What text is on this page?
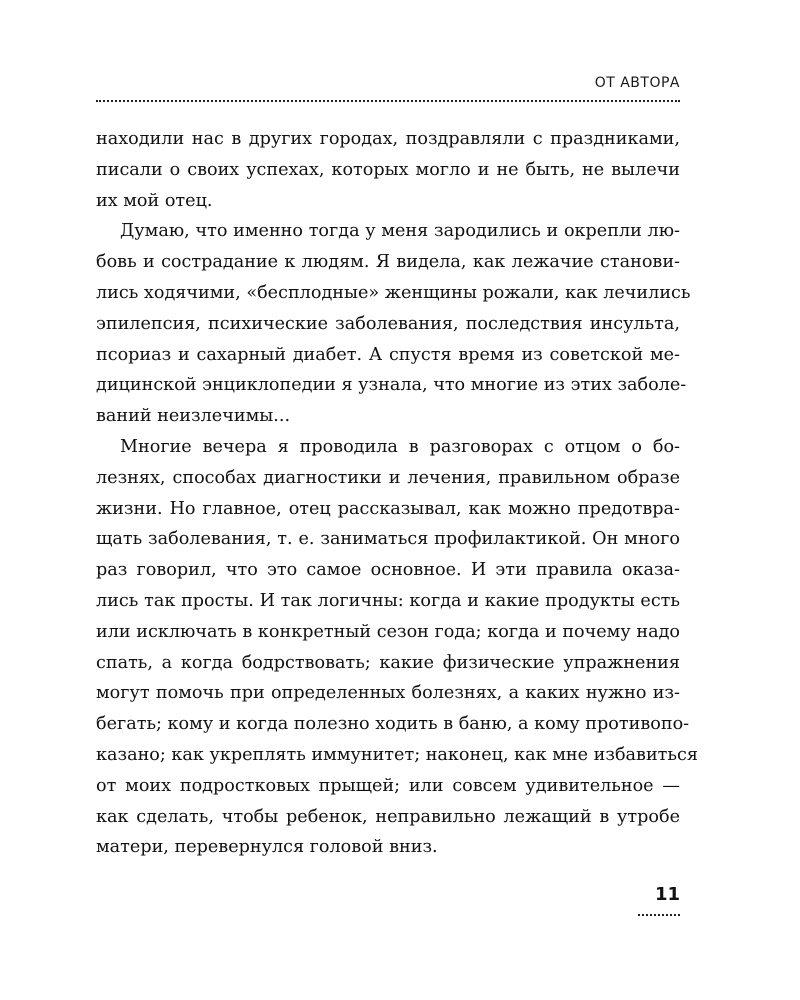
ОТ АВТОРА
находили нас в других городах, поздравляли с праздниками,
писали о своих успехах, которых могло и не быть, не вылечи
их мой отец.
Думаю, что именно тогда у меня зародились и окрепли лю-
бовь и сострадание к людям. Я видела, как лежачие станови-
лись ходячими, «бесплодные» женщины рожали, как лечились
эпилепсия, психические заболевания, последствия инсульта,
псориаз и сахарный диабет. А спустя время из советской ме-
дицинской энциклопедии я узнала, что многие из этих заболе-
ваний неизлечимы...
Многие вечера я проводила в разговорах с отцом о бо-
лезнях, способах диагностики и лечения, правильном образе
жизни. Но главное, отец рассказывал, как можно предотвра-
щать заболевания, т. е. заниматься профилактикой. Он много
раз говорил, что это самое основное. И эти правила оказа-
лись так просты. И так логичны: когда и какие продукты есть
или исключать в конкретный сезон года; когда и почему надо
спать, а когда бодрствовать; какие физические упражнения
могут помочь при определенных болезнях, а каких нужно из-
бегать; кому и когда полезно ходить в баню, а кому противопо-
казано; как укреплять иммунитет; наконец, как мне избавиться
от моих подростковых прыщей; или совсем удивительное —
как сделать, чтобы ребенок, неправильно лежащий в утробе
матери, перевернулся головой вниз.
11
